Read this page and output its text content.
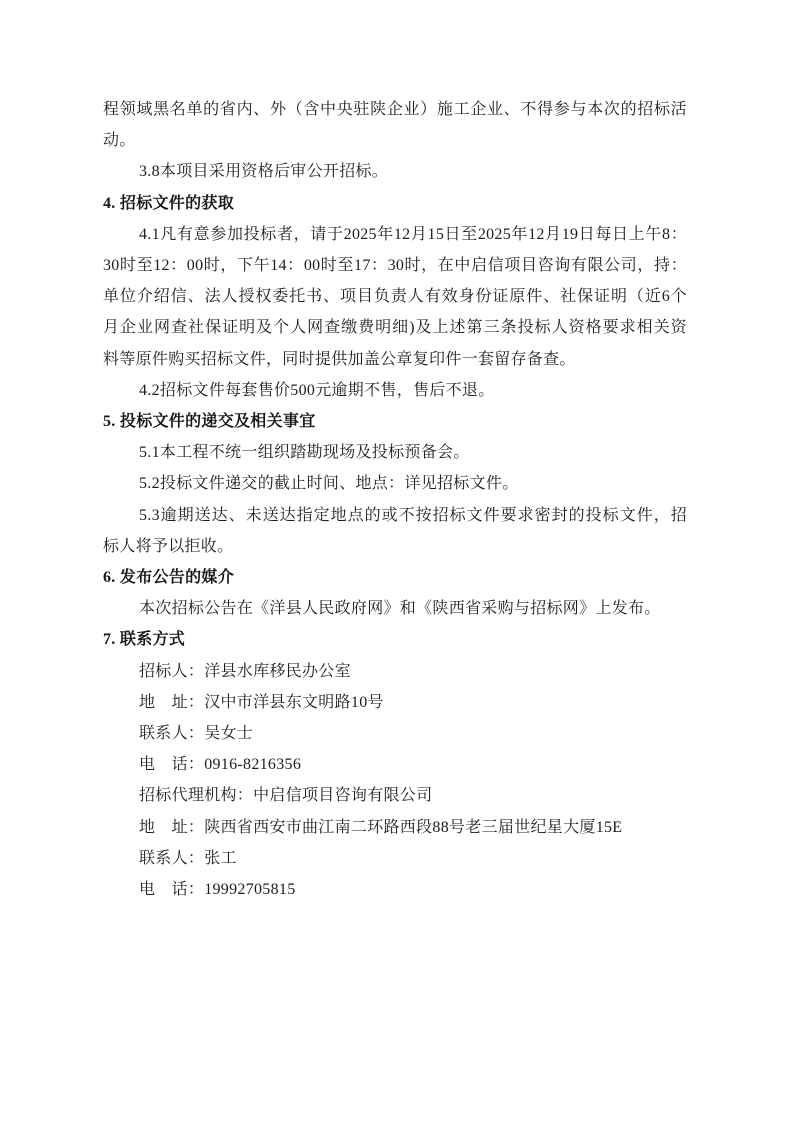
程领域黑名单的省内、外（含中央驻陕企业）施工企业、不得参与本次的招标活
动。
3.8本项目采用资格后审公开招标。
4. 招标文件的获取
4.1凡有意参加投标者，请于2025年12月15日至2025年12月19日每日上午8：
30时至12：00时，下午14：00时至17：30时，在中启信项目咨询有限公司，持：
单位介绍信、法人授权委托书、项目负责人有效身份证原件、社保证明（近6个
月企业网查社保证明及个人网查缴费明细)及上述第三条投标人资格要求相关资
料等原件购买招标文件，同时提供加盖公章复印件一套留存备查。
4.2招标文件每套售价500元逾期不售，售后不退。
5. 投标文件的递交及相关事宜
5.1本工程不统一组织踏勘现场及投标预备会。
5.2投标文件递交的截止时间、地点：详见招标文件。
5.3逾期送达、未送达指定地点的或不按招标文件要求密封的投标文件，招
标人将予以拒收。
6. 发布公告的媒介
本次招标公告在《洋县人民政府网》和《陕西省采购与招标网》上发布。
7. 联系方式
招标人：洋县水库移民办公室
地　址：汉中市洋县东文明路10号
联系人：吴女士
电　话：0916-8216356
招标代理机构：中启信项目咨询有限公司
地　址：陕西省西安市曲江南二环路西段88号老三届世纪星大厦15E
联系人：张工
电　话：19992705815
